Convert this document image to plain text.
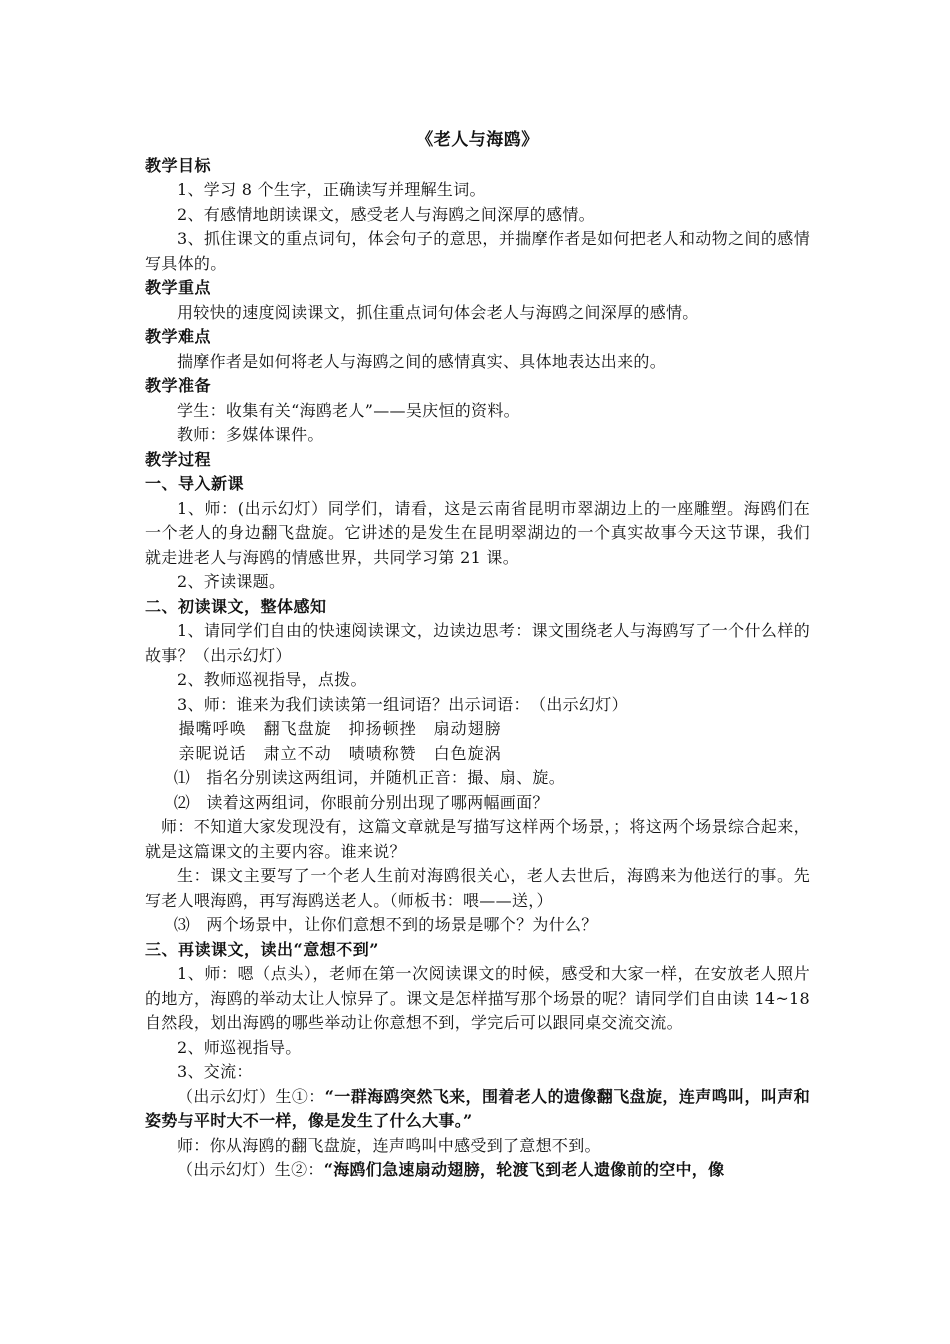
《老人与海鸥》
教学目标

1、学习 8 个生字，正确读写并理解生词。

2、有感情地朗读课文，感受老人与海鸥之间深厚的感情。

3、抓住课文的重点词句，体会句子的意思，并揣摩作者是如何把老人和动物之间的感情写具体的。

教学重点

用较快的速度阅读课文，抓住重点词句体会老人与海鸥之间深厚的感情。

教学难点

揣摩作者是如何将老人与海鸥之间的感情真实、具体地表达出来的。

教学准备

学生：收集有关“海鸥老人”——吴庆恒的资料。

教师：多媒体课件。

教学过程
一、导入新课

1、师：(出示幻灯）同学们，请看，这是云南省昆明市翠湖边上的一座雕塑。海鸥们在一个老人的身边翻飞盘旋。它讲述的是发生在昆明翠湖边的一个真实故事今天这节课，我们就走进老人与海鸥的情感世界，共同学习第 21 课。

2、齐读课题。

二、初读课文，整体感知

1、请同学们自由的快速阅读课文，边读边思考：课文围绕老人与海鸥写了一个什么样的故事？（出示幻灯）

2、教师巡视指导，点拨。

3、师：谁来为我们读读第一组词语？出示词语：　（出示幻灯）

撮嘴呼唤　翻飞盘旋　抑扬顿挫　扇动翅膀

亲昵说话　肃立不动　啧啧称赞　白色旋涡

⑴　指名分别读这两组词，并随机正音：撮、扇、旋。

⑵　读着这两组词，你眼前分别出现了哪两幅画面？

师：不知道大家发现没有，这篇文章就是写描写这样两个场景，；将这两个场景综合起来，就是这篇课文的主要内容。谁来说？

生：课文主要写了一个老人生前对海鸥很关心，老人去世后，海鸥来为他送行的事。先写老人喂海鸥，再写海鸥送老人。（师板书：喂——送，）

⑶　两个场景中，让你们意想不到的场景是哪个？为什么？

三、再读课文，读出“意想不到”

1、师：嗯（点头），老师在第一次阅读课文的时候，感受和大家一样，在安放老人照片的地方，海鸥的举动太让人惊异了。课文是怎样描写那个场景的呢？请同学们自由读 14~18 自然段，划出海鸥的哪些举动让你意想不到，学完后可以跟同桌交流交流。

2、师巡视指导。

3、交流：

（出示幻灯）生①：“一群海鸥突然飞来，围着老人的遗像翻飞盘旋，连声鸣叫，叫声和姿势与平时大不一样，像是发生了什么大事。”

师：你从海鸥的翻飞盘旋，连声鸣叫中感受到了意想不到。

（出示幻灯）生②：“海鸥们急速扇动翅膀，轮渡飞到老人遗像前的空中，像
